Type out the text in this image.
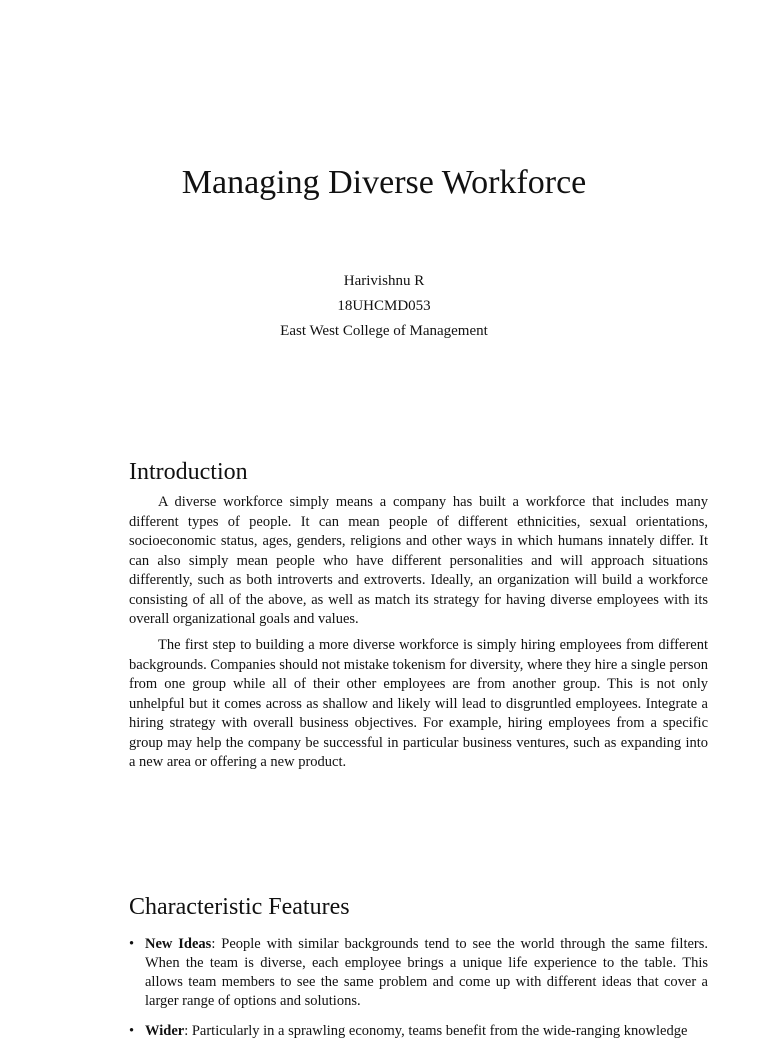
Managing Diverse Workforce
Harivishnu R
18UHCMD053
East West College of Management
Introduction

A diverse workforce simply means a company has built a workforce that includes many different types of people. It can mean people of different ethnicities, sexual orientations, socioeconomic status, ages, genders, religions and other ways in which humans innately differ. It can also simply mean people who have different personalities and will approach situations differently, such as both introverts and extroverts. Ideally, an organization will build a workforce consisting of all of the above, as well as match its strategy for having diverse employees with its overall organizational goals and values.

The first step to building a more diverse workforce is simply hiring employees from different backgrounds. Companies should not mistake tokenism for diversity, where they hire a single person from one group while all of their other employees are from another group. This is not only unhelpful but it comes across as shallow and likely will lead to disgruntled employees. Integrate a hiring strategy with overall business objectives. For example, hiring employees from a specific group may help the company be successful in particular business ventures, such as expanding into a new area or offering a new product.

Characteristic Features
• New Ideas: People with similar backgrounds tend to see the world through the same filters. When the team is diverse, each employee brings a unique life experience to the table. This allows team members to see the same problem and come up with different ideas that cover a larger range of options and solutions.
• Wider: Particularly in a sprawling economy, teams benefit from the wide-ranging knowledge
